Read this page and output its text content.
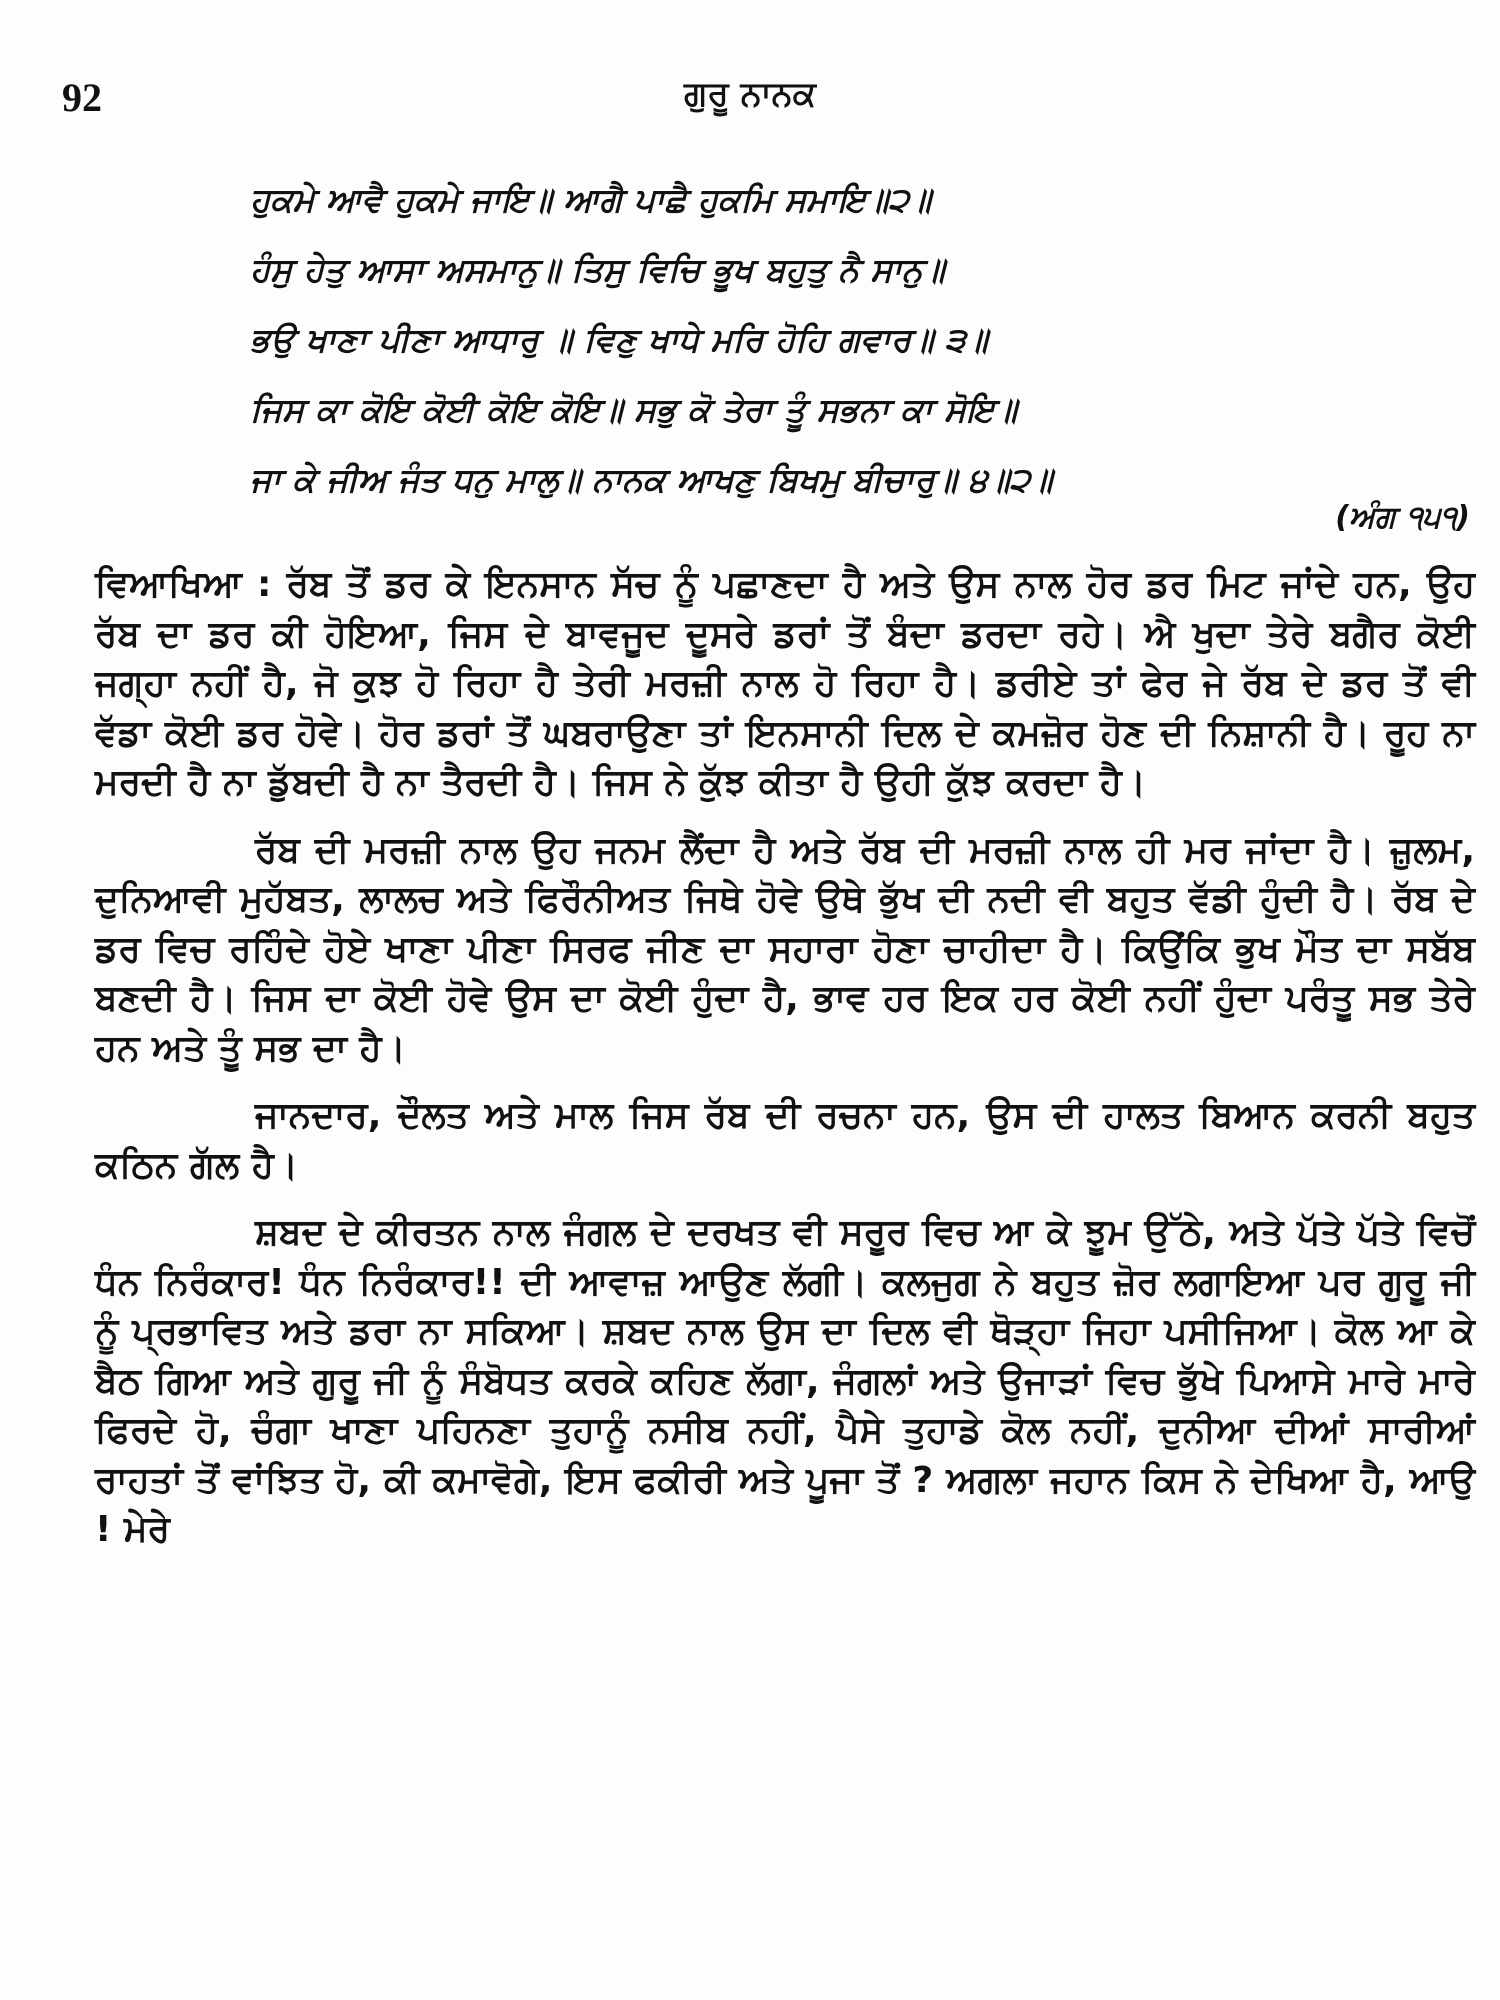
92	ਗੁਰੂ ਨਾਨਕ
ਹੁਕਮੇ ਆਵੈ ਹੁਕਮੇ ਜਾਇ॥ ਆਗੈ ਪਾਛੈ ਹੁਕਮਿ ਸਮਾਇ॥੨॥
ਹੰਸੁ ਹੇਤੁ ਆਸਾ ਅਸਮਾਨੁ॥ ਤਿਸੁ ਵਿਚਿ ਭੂਖ ਬਹੁਤੁ ਨੈ ਸਾਨੁ॥
ਭਉ ਖਾਣਾ ਪੀਣਾ ਆਧਾਰੁ ॥ ਵਿਣੁ ਖਾਧੇ ਮਰਿ ਹੋਹਿ ਗਵਾਰ॥ ੩॥
ਜਿਸ ਕਾ ਕੋਇ ਕੋਈ ਕੋਇ ਕੋਇ॥ ਸਭੁ ਕੋ ਤੇਰਾ ਤੂੰ ਸਭਨਾ ਕਾ ਸੋਇ॥
ਜਾ ਕੇ ਜੀਅ ਜੰਤ ਧਨੁ ਮਾਲੁ॥ ਨਾਨਕ ਆਖਣੁ ਬਿਖਮੁ ਬੀਚਾਰੁ॥ ੪॥੨॥
(ਅੰਗ ੧੫੧)

ਵਿਆਖਿਆ : ਰੱਬ ਤੋਂ ਡਰ ਕੇ ਇਨਸਾਨ ਸੱਚ ਨੂੰ ਪਛਾਣਦਾ ਹੈ ਅਤੇ ਉਸ ਨਾਲ ਹੋਰ ਡਰ ਮਿਟ ਜਾਂਦੇ ਹਨ, ਉਹ ਰੱਬ ਦਾ ਡਰ ਕੀ ਹੋਇਆ, ਜਿਸ ਦੇ ਬਾਵਜੂਦ ਦੂਸਰੇ ਡਰਾਂ ਤੋਂ ਬੰਦਾ ਡਰਦਾ ਰਹੇ। ਐ ਖੁਦਾ ਤੇਰੇ ਬਗੈਰ ਕੋਈ ਜਗ੍ਹਾ ਨਹੀਂ ਹੈ, ਜੋ ਕੁਝ ਹੋ ਰਿਹਾ ਹੈ ਤੇਰੀ ਮਰਜ਼ੀ ਨਾਲ ਹੋ ਰਿਹਾ ਹੈ। ਡਰੀਏ ਤਾਂ ਫੇਰ ਜੇ ਰੱਬ ਦੇ ਡਰ ਤੋਂ ਵੀ ਵੱਡਾ ਕੋਈ ਡਰ ਹੋਵੇ। ਹੋਰ ਡਰਾਂ ਤੋਂ ਘਬਰਾਉਣਾ ਤਾਂ ਇਨਸਾਨੀ ਦਿਲ ਦੇ ਕਮਜ਼ੋਰ ਹੋਣ ਦੀ ਨਿਸ਼ਾਨੀ ਹੈ। ਰੂਹ ਨਾ ਮਰਦੀ ਹੈ ਨਾ ਡੁੱਬਦੀ ਹੈ ਨਾ ਤੈਰਦੀ ਹੈ। ਜਿਸ ਨੇ ਕੁੱਝ ਕੀਤਾ ਹੈ ਉਹੀ ਕੁੱਝ ਕਰਦਾ ਹੈ।

ਰੱਬ ਦੀ ਮਰਜ਼ੀ ਨਾਲ ਉਹ ਜਨਮ ਲੈਂਦਾ ਹੈ ਅਤੇ ਰੱਬ ਦੀ ਮਰਜ਼ੀ ਨਾਲ ਹੀ ਮਰ ਜਾਂਦਾ ਹੈ। ਜ਼ੁਲਮ, ਦੁਨਿਆਵੀ ਮੁਹੱਬਤ, ਲਾਲਚ ਅਤੇ ਫਿਰੌਨੀਅਤ ਜਿਥੇ ਹੋਵੇ ਉਥੇ ਭੁੱਖ ਦੀ ਨਦੀ ਵੀ ਬਹੁਤ ਵੱਡੀ ਹੁੰਦੀ ਹੈ। ਰੱਬ ਦੇ ਡਰ ਵਿਚ ਰਹਿੰਦੇ ਹੋਏ ਖਾਣਾ ਪੀਣਾ ਸਿਰਫ ਜੀਣ ਦਾ ਸਹਾਰਾ ਹੋਣਾ ਚਾਹੀਦਾ ਹੈ। ਕਿਉਂਕਿ ਭੁਖ ਮੌਤ ਦਾ ਸਬੱਬ ਬਣਦੀ ਹੈ। ਜਿਸ ਦਾ ਕੋਈ ਹੋਵੇ ਉਸ ਦਾ ਕੋਈ ਹੁੰਦਾ ਹੈ, ਭਾਵ ਹਰ ਇਕ ਹਰ ਕੋਈ ਨਹੀਂ ਹੁੰਦਾ ਪਰੰਤੂ ਸਭ ਤੇਰੇ ਹਨ ਅਤੇ ਤੂੰ ਸਭ ਦਾ ਹੈ।

ਜਾਨਦਾਰ, ਦੌਲਤ ਅਤੇ ਮਾਲ ਜਿਸ ਰੱਬ ਦੀ ਰਚਨਾ ਹਨ, ਉਸ ਦੀ ਹਾਲਤ ਬਿਆਨ ਕਰਨੀ ਬਹੁਤ ਕਠਿਨ ਗੱਲ ਹੈ।

ਸ਼ਬਦ ਦੇ ਕੀਰਤਨ ਨਾਲ ਜੰਗਲ ਦੇ ਦਰਖਤ ਵੀ ਸਰੂਰ ਵਿਚ ਆ ਕੇ ਝੂਮ ਉੱਠੇ, ਅਤੇ ਪੱਤੇ ਪੱਤੇ ਵਿਚੋਂ ਧੰਨ ਨਿਰੰਕਾਰ! ਧੰਨ ਨਿਰੰਕਾਰ!! ਦੀ ਆਵਾਜ਼ ਆਉਣ ਲੱਗੀ। ਕਲਜੁਗ ਨੇ ਬਹੁਤ ਜ਼ੋਰ ਲਗਾਇਆ ਪਰ ਗੁਰੂ ਜੀ ਨੂੰ ਪ੍ਰਭਾਵਿਤ ਅਤੇ ਡਰਾ ਨਾ ਸਕਿਆ। ਸ਼ਬਦ ਨਾਲ ਉਸ ਦਾ ਦਿਲ ਵੀ ਥੋੜ੍ਹਾ ਜਿਹਾ ਪਸੀਜਿਆ। ਕੋਲ ਆ ਕੇ ਬੈਠ ਗਿਆ ਅਤੇ ਗੁਰੂ ਜੀ ਨੂੰ ਸੰਬੋਧਤ ਕਰਕੇ ਕਹਿਣ ਲੱਗਾ, ਜੰਗਲਾਂ ਅਤੇ ਉਜਾੜਾਂ ਵਿਚ ਭੁੱਖੇ ਪਿਆਸੇ ਮਾਰੇ ਮਾਰੇ ਫਿਰਦੇ ਹੋ, ਚੰਗਾ ਖਾਣਾ ਪਹਿਨਣਾ ਤੁਹਾਨੂੰ ਨਸੀਬ ਨਹੀਂ, ਪੈਸੇ ਤੁਹਾਡੇ ਕੋਲ ਨਹੀਂ, ਦੁਨੀਆ ਦੀਆਂ ਸਾਰੀਆਂ ਰਾਹਤਾਂ ਤੋਂ ਵਾਂਝਿਤ ਹੋ, ਕੀ ਕਮਾਵੋਗੇ, ਇਸ ਫਕੀਰੀ ਅਤੇ ਪੂਜਾ ਤੋਂ ? ਅਗਲਾ ਜਹਾਨ ਕਿਸ ਨੇ ਦੇਖਿਆ ਹੈ, ਆਉ ! ਮੇਰੇ
